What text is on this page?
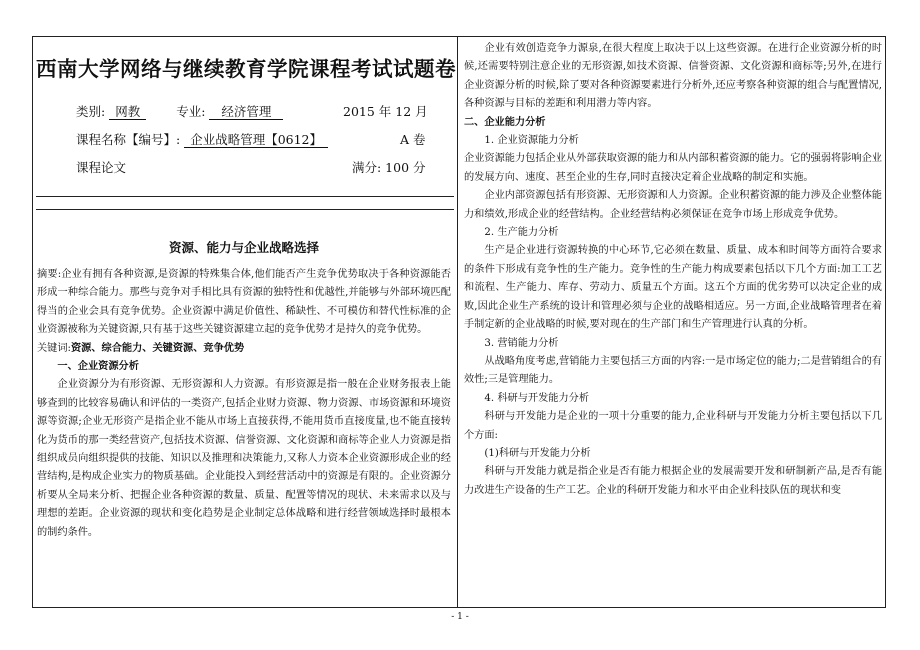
西南大学网络与继续教育学院课程考试试题卷
类别: 网教	专业: 经济管理	2015 年 12 月
课程名称【编号】: 企业战略管理【0612】	A 卷
课程论文	满分: 100 分
资源、能力与企业战略选择

摘要:企业有拥有各种资源,是资源的特殊集合体,他们能否产生竞争优势取决于各种资源能否形成一种综合能力。那些与竞争对手相比具有资源的独特性和优越性,并能够与外部环境匹配得当的企业会具有竞争优势。企业资源中满足价值性、稀缺性、不可模仿和替代性标准的企业资源被称为关键资源,只有基于这些关键资源建立起的竞争优势才是持久的竞争优势。

关键词:资源、综合能力、关键资源、竞争优势

一、企业资源分析

企业资源分为有形资源、无形资源和人力资源。有形资源是指一般在企业财务报表上能够查到的比较容易确认和评估的一类资产,包括企业财力资源、物力资源、市场资源和环境资源等资源;企业无形资产是指企业不能从市场上直接获得,不能用货币直接度量,也不能直接转化为货币的那一类经营资产,包括技术资源、信誉资源、文化资源和商标等企业人力资源是指组织成员向组织提供的技能、知识以及推理和决策能力,又称人力资本企业资源形成企业的经营结构,是构成企业实力的物质基础。企业能投入到经营活动中的资源是有限的。企业资源分析要从全局来分析、把握企业各种资源的数量、质量、配置等情况的现状、未来需求以及与理想的差距。企业资源的现状和变化趋势是企业制定总体战略和进行经营领域选择时最根本的制约条件。

企业有效创造竞争力源泉,在很大程度上取决于以上这些资源。在进行企业资源分析的时候,还需要特别注意企业的无形资源,如技术资源、信誉资源、文化资源和商标等;另外,在进行企业资源分析的时候,除了要对各种资源要素进行分析外,还应考察各种资源的组合与配置情况,各种资源与目标的差距和利用潜力等内容。

二、企业能力分析

1. 企业资源能力分析

企业资源能力包括企业从外部获取资源的能力和从内部积蓄资源的能力。它的强弱将影响企业的发展方向、速度、甚至企业的生存,同时直接决定着企业战略的制定和实施。

企业内部资源包括有形资源、无形资源和人力资源。企业积蓄资源的能力涉及企业整体能力和绩效,形成企业的经营结构。企业经营结构必须保证在竞争市场上形成竞争优势。

2. 生产能力分析

生产是企业进行资源转换的中心环节,它必须在数量、质量、成本和时间等方面符合要求的条件下形成有竞争性的生产能力。竞争性的生产能力构成要素包括以下几个方面:加工工艺和流程、生产能力、库存、劳动力、质量五个方面。这五个方面的优劣势可以决定企业的成败,因此企业生产系统的设计和管理必须与企业的战略相适应。另一方面,企业战略管理者在着手制定新的企业战略的时候,要对现在的生产部门和生产管理进行认真的分析。

3. 营销能力分析

从战略角度考虑,营销能力主要包括三方面的内容:一是市场定位的能力;二是营销组合的有效性;三是管理能力。

4. 科研与开发能力分析

科研与开发能力是企业的一项十分重要的能力,企业科研与开发能力分析主要包括以下几个方面:

(1)科研与开发能力分析

科研与开发能力就是指企业是否有能力根据企业的发展需要开发和研制新产品,是否有能力改进生产设备的生产工艺。企业的科研开发能力和水平由企业科技队伍的现状和变

- 1 -
